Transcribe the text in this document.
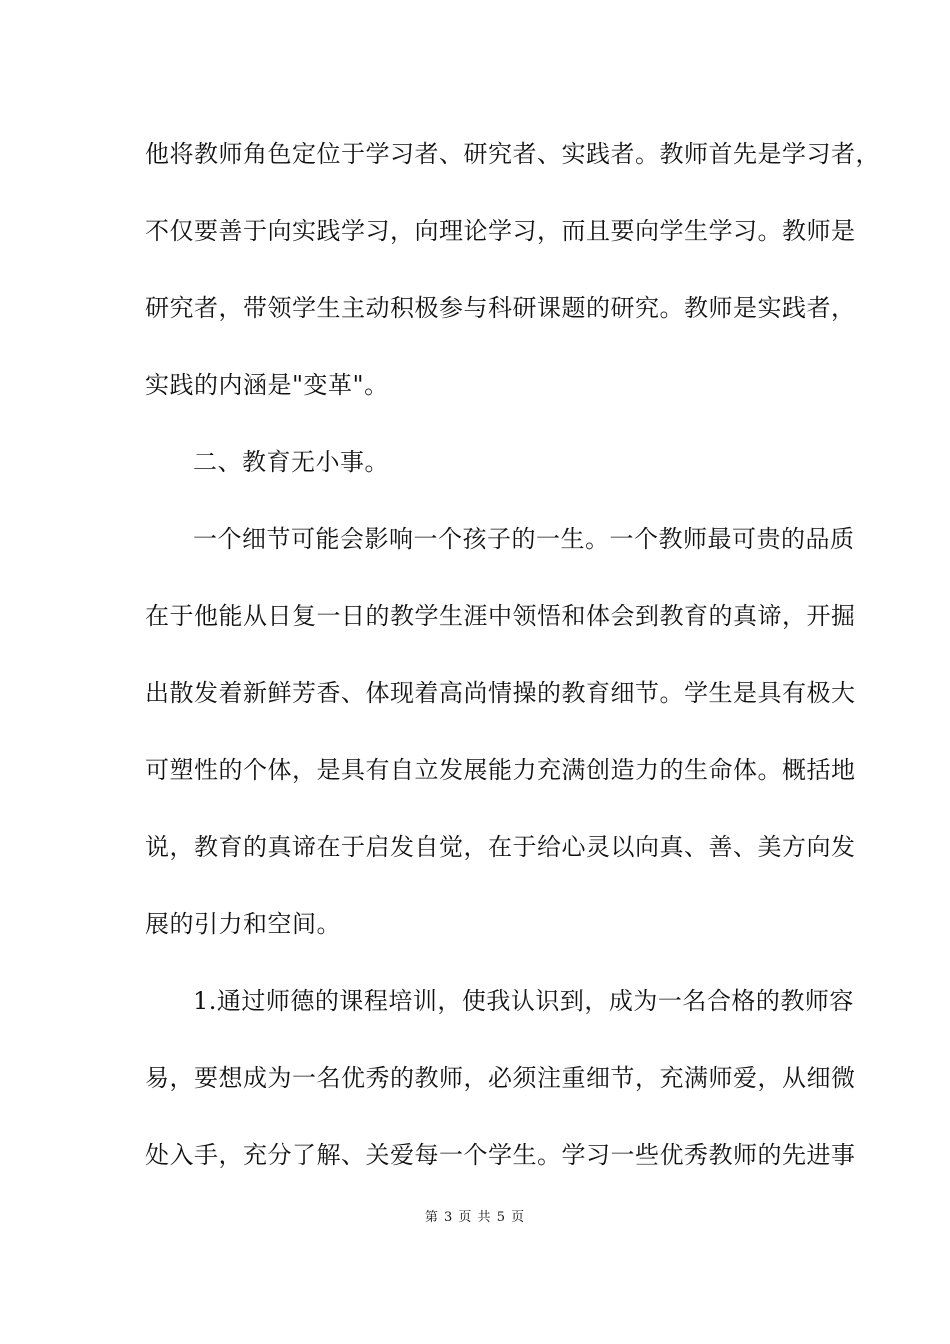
他将教师角色定位于学习者、研究者、实践者。教师首先是学习者，
不仅要善于向实践学习，向理论学习，而且要向学生学习。教师是
研究者，带领学生主动积极参与科研课题的研究。教师是实践者，
实践的内涵是"变革"。
二、教育无小事。
一个细节可能会影响一个孩子的一生。一个教师最可贵的品质
在于他能从日复一日的教学生涯中领悟和体会到教育的真谛，开掘
出散发着新鲜芳香、体现着高尚情操的教育细节。学生是具有极大
可塑性的个体，是具有自立发展能力充满创造力的生命体。概括地
说，教育的真谛在于启发自觉，在于给心灵以向真、善、美方向发
展的引力和空间。
1.通过师德的课程培训，使我认识到，成为一名合格的教师容
易，要想成为一名优秀的教师，必须注重细节，充满师爱，从细微
处入手，充分了解、关爱每一个学生。学习一些优秀教师的先进事
第 3 页 共 5 页
